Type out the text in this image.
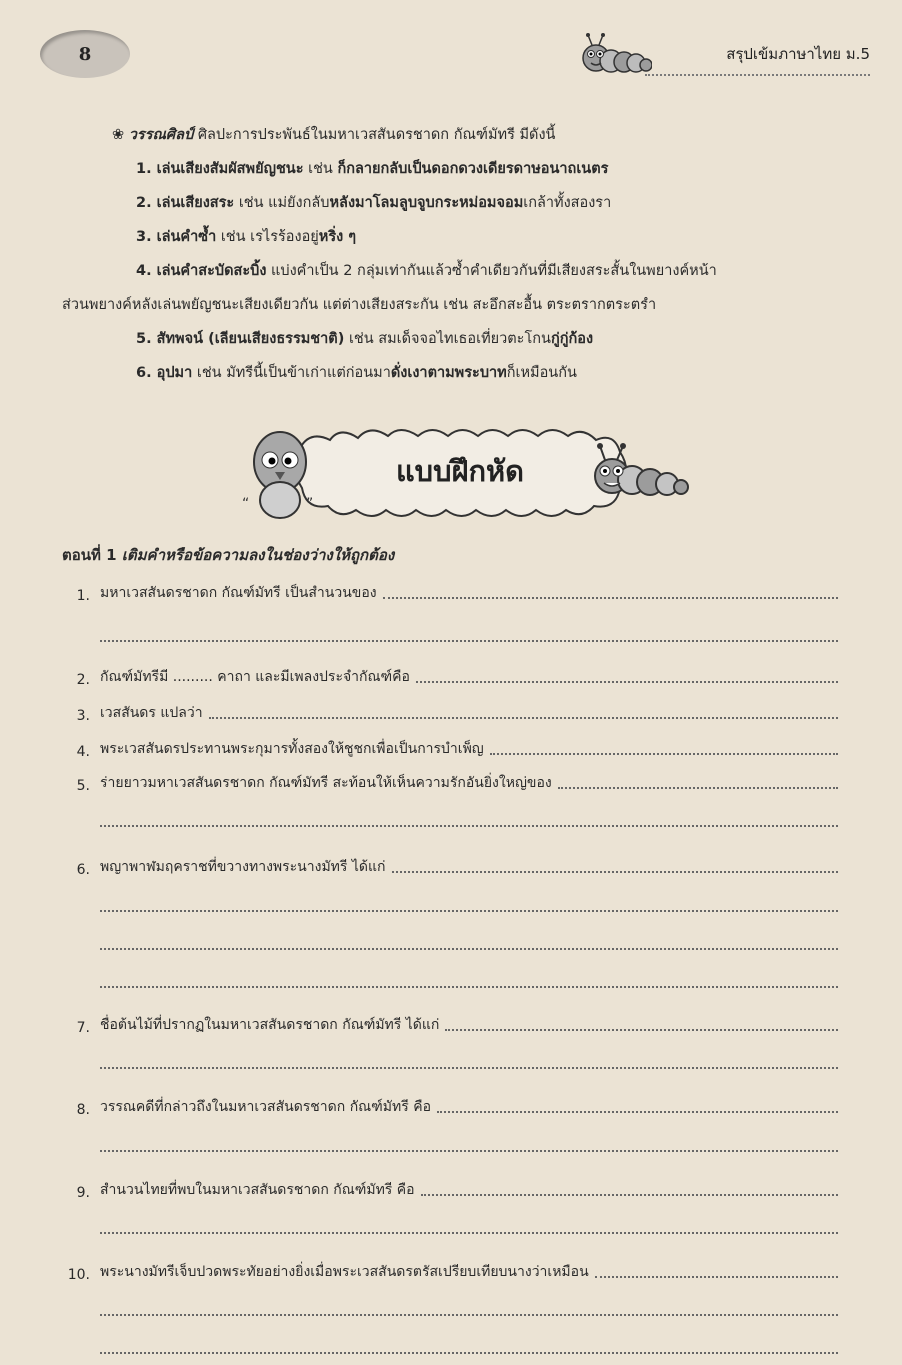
8	สรุปเข้มภาษาไทย ม.5

❀ วรรณศิลป์ ศิลปะการประพันธ์ในมหาเวสสันดรชาดก กัณฑ์มัทรี มีดังนี้

1. เล่นเสียงสัมผัสพยัญชนะ เช่น ก็กลายกลับเป็นดอกดวงเดียรดาษอนาถเนตร

2. เล่นเสียงสระ เช่น แม่ยังกลับหลังมาโลมลูบจูบกระหม่อมจอมเกล้าทั้งสองรา

3. เล่นคำซ้ำ เช่น เรไรร้องอยู่หริ่ง ๆ

4. เล่นคำสะบัดสะบิ้ง แบ่งคำเป็น 2 กลุ่มเท่ากันแล้วซ้ำคำเดียวกันที่มีเสียงสระสั้นในพยางค์หน้า

ส่วนพยางค์หลังเล่นพยัญชนะเสียงเดียวกัน แต่ต่างเสียงสระกัน เช่น สะอึกสะอื้น ตระตรากตระตรำ

5. สัทพจน์ (เลียนเสียงธรรมชาติ) เช่น สมเด็จจอไทเธอเที่ยวตะโกนกู่กู่ก้อง

6. อุปมา เช่น มัทรีนี้เป็นข้าเก่าแต่ก่อนมาดั่งเงาตามพระบาทก็เหมือนกัน

“	”
แบบฝึกหัด
ตอนที่ 1 เติมคำหรือข้อความลงในช่องว่างให้ถูกต้อง
1. มหาเวสสันดรชาดก กัณฑ์มัทรี เป็นสำนวนของ
2. กัณฑ์มัทรีมี ......... คาถา และมีเพลงประจำกัณฑ์คือ
3. เวสสันดร แปลว่า
4. พระเวสสันดรประทานพระกุมารทั้งสองให้ชูชกเพื่อเป็นการบำเพ็ญ
5. ร่ายยาวมหาเวสสันดรชาดก กัณฑ์มัทรี สะท้อนให้เห็นความรักอันยิ่งใหญ่ของ
6. พญาพาฬมฤคราชที่ขวางทางพระนางมัทรี ได้แก่
7. ชื่อต้นไม้ที่ปรากฏในมหาเวสสันดรชาดก กัณฑ์มัทรี ได้แก่
8. วรรณคดีที่กล่าวถึงในมหาเวสสันดรชาดก กัณฑ์มัทรี คือ
9. สำนวนไทยที่พบในมหาเวสสันดรชาดก กัณฑ์มัทรี คือ
10. พระนางมัทรีเจ็บปวดพระทัยอย่างยิ่งเมื่อพระเวสสันดรตรัสเปรียบเทียบนางว่าเหมือน
